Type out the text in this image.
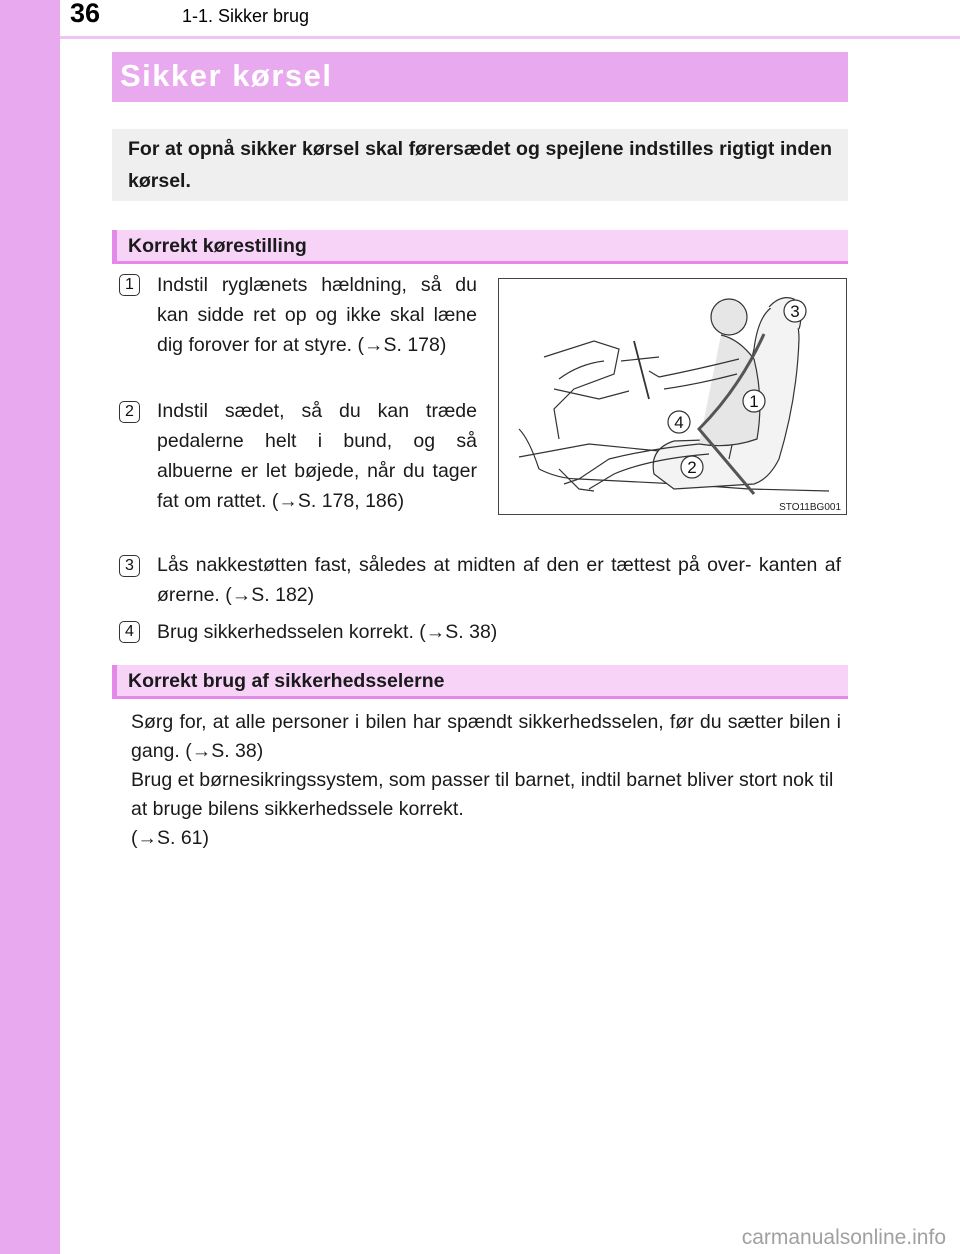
36	1-1. Sikker brug
Sikker kørsel

For at opnå sikker kørsel skal førersædet og spejlene indstilles rigtigt inden kørsel.

Korrekt kørestilling
1	Indstil ryglænets hældning, så du kan sidde ret op og ikke skal læne dig forover for at styre. (→S. 178)
2	Indstil sædet, så du kan træde pedalerne helt i bund, og så albuerne er let bøjede, når du tager fat om rattet. (→S. 178, 186)
3
1
4
2
STO11BG001
3	Lås nakkestøtten fast, således at midten af den er tættest på over- kanten af ørerne. (→S. 182)
4	Brug sikkerhedsselen korrekt. (→S. 38)
Korrekt brug af sikkerhedsselerne

Sørg for, at alle personer i bilen har spændt sikkerhedsselen, før du sætter bilen i gang. (→S. 38)

Brug et børnesikringssystem, som passer til barnet, indtil barnet bliver stort nok til at bruge bilens sikkerhedssele korrekt.

(→S. 61)

carmanualsonline.info
